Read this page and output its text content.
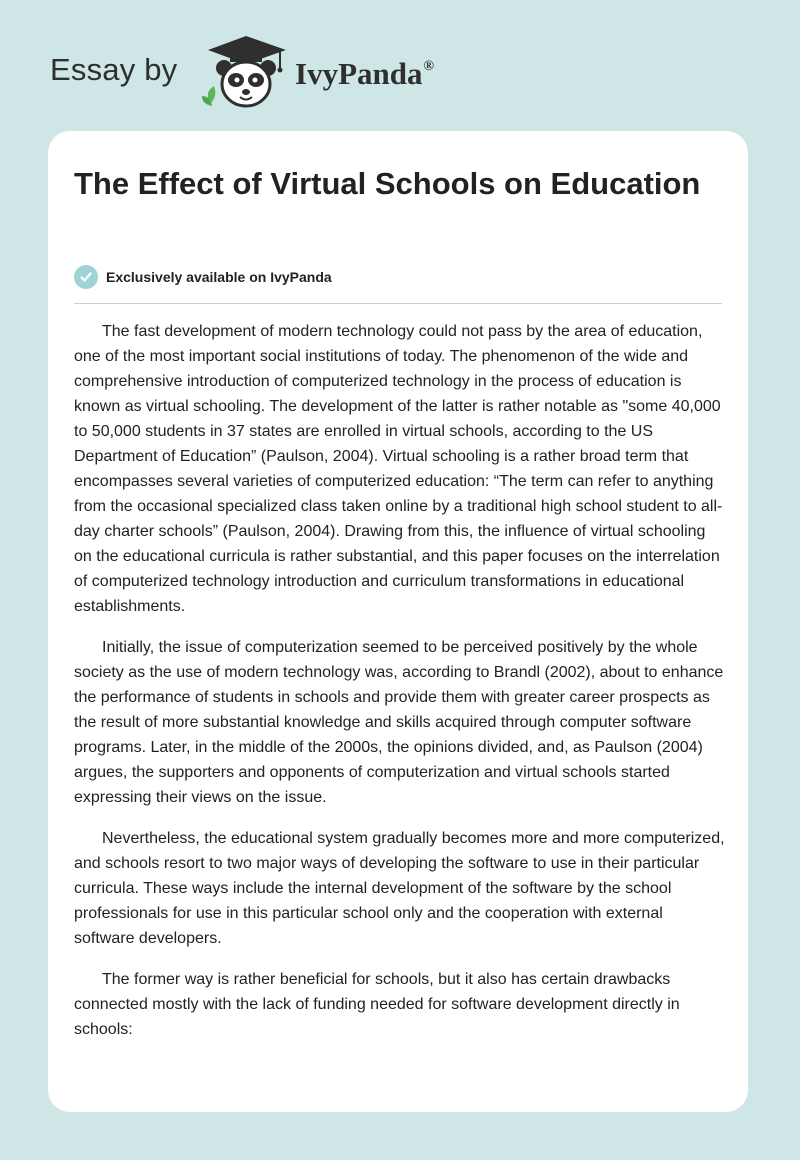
Essay by	IvyPanda®
The Effect of Virtual Schools on Education
Exclusively available on IvyPanda

The fast development of modern technology could not pass by the area of education, one of the most important social institutions of today. The phenomenon of the wide and comprehensive introduction of computerized technology in the process of education is known as virtual schooling. The development of the latter is rather notable as "some 40,000 to 50,000 students in 37 states are enrolled in virtual schools, according to the US Department of Education” (Paulson, 2004). Virtual schooling is a rather broad term that encompasses several varieties of computerized education: “The term can refer to anything from the occasional specialized class taken online by a traditional high school student to all-day charter schools” (Paulson, 2004). Drawing from this, the influence of virtual schooling on the educational curricula is rather substantial, and this paper focuses on the interrelation of computerized technology introduction and curriculum transformations in educational establishments.

Initially, the issue of computerization seemed to be perceived positively by the whole society as the use of modern technology was, according to Brandl (2002), about to enhance the performance of students in schools and provide them with greater career prospects as the result of more substantial knowledge and skills acquired through computer software programs. Later, in the middle of the 2000s, the opinions divided, and, as Paulson (2004) argues, the supporters and opponents of computerization and virtual schools started expressing their views on the issue.

Nevertheless, the educational system gradually becomes more and more computerized, and schools resort to two major ways of developing the software to use in their particular curricula. These ways include the internal development of the software by the school professionals for use in this particular school only and the cooperation with external software developers.

The former way is rather beneficial for schools, but it also has certain drawbacks connected mostly with the lack of funding needed for software development directly in schools:
